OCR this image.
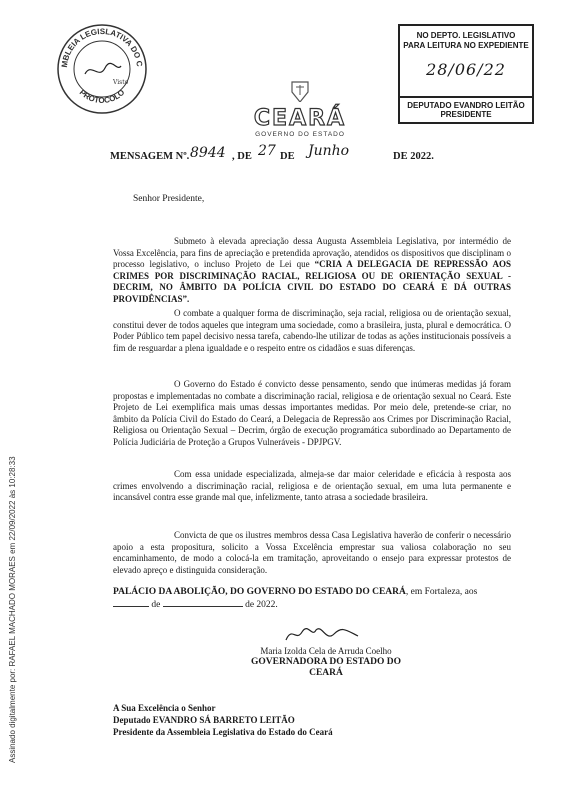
MBLEIA LEGISLATIVA DO C
PROTOCOLO
Visto
NO DEPTO. LEGISLATIVO
PARA LEITURA NO EXPEDIENTE
28/06/22
DEPUTADO EVANDRO LEITÃO
PRESIDENTE
CEARÁ
GOVERNO DO ESTADO
MENSAGEM Nº. 8944 , DE 27 DE Junho	DE 2022.
Senhor Presidente,
Submeto à elevada apreciação dessa Augusta Assembleia Legislativa, por intermédio de Vossa Excelência, para fins de apreciação e pretendida aprovação, atendidos os dispositivos que disciplinam o processo legislativo, o incluso Projeto de Lei que “CRIA A DELEGACIA DE REPRESSÃO AOS CRIMES POR DISCRIMINAÇÃO RACIAL, RELIGIOSA OU DE ORIENTAÇÃO SEXUAL - DECRIM, NO ÂMBITO DA POLÍCIA CIVIL DO ESTADO DO CEARÁ E DÁ OUTRAS PROVIDÊNCIAS”.
O combate a qualquer forma de discriminação, seja racial, religiosa ou de orientação sexual, constitui dever de todos aqueles que integram uma sociedade, como a brasileira, justa, plural e democrática. O Poder Público tem papel decisivo nessa tarefa, cabendo-lhe utilizar de todas as ações institucionais possíveis a fim de resguardar a plena igualdade e o respeito entre os cidadãos e suas diferenças.
O Governo do Estado é convicto desse pensamento, sendo que inúmeras medidas já foram propostas e implementadas no combate a discriminação racial, religiosa e de orientação sexual no Ceará. Este Projeto de Lei exemplifica mais umas dessas importantes medidas. Por meio dele, pretende-se criar, no âmbito da Polícia Civil do Estado do Ceará, a Delegacia de Repressão aos Crimes por Discriminação Racial, Religiosa ou Orientação Sexual – Decrim, órgão de execução programática subordinado ao Departamento de Polícia Judiciária de Proteção a Grupos Vulneráveis - DPJPGV.
Com essa unidade especializada, almeja-se dar maior celeridade e eficácia à resposta aos crimes envolvendo a discriminação racial, religiosa e de orientação sexual, em uma luta permanente e incansável contra esse grande mal que, infelizmente, tanto atrasa a sociedade brasileira.
Convicta de que os ilustres membros dessa Casa Legislativa haverão de conferir o necessário apoio a esta propositura, solicito a Vossa Excelência emprestar sua valiosa colaboração no seu encaminhamento, de modo a colocá-la em tramitação, aproveitando o ensejo para expressar protestos de elevado apreço e distinguida consideração.
PALÁCIO DA ABOLIÇÃO, DO GOVERNO DO ESTADO DO CEARÁ, em Fortaleza, aos
de	de 2022.
Maria Izolda Cela de Arruda Coelho
GOVERNADORA DO ESTADO DO CEARÁ
A Sua Excelência o Senhor
Deputado EVANDRO SÁ BARRETO LEITÃO
Presidente da Assembleia Legislativa do Estado do Ceará
Assinado digitalmente por: RAFAEL MACHADO MORAES em 22/09/2022 às 10:28:33
